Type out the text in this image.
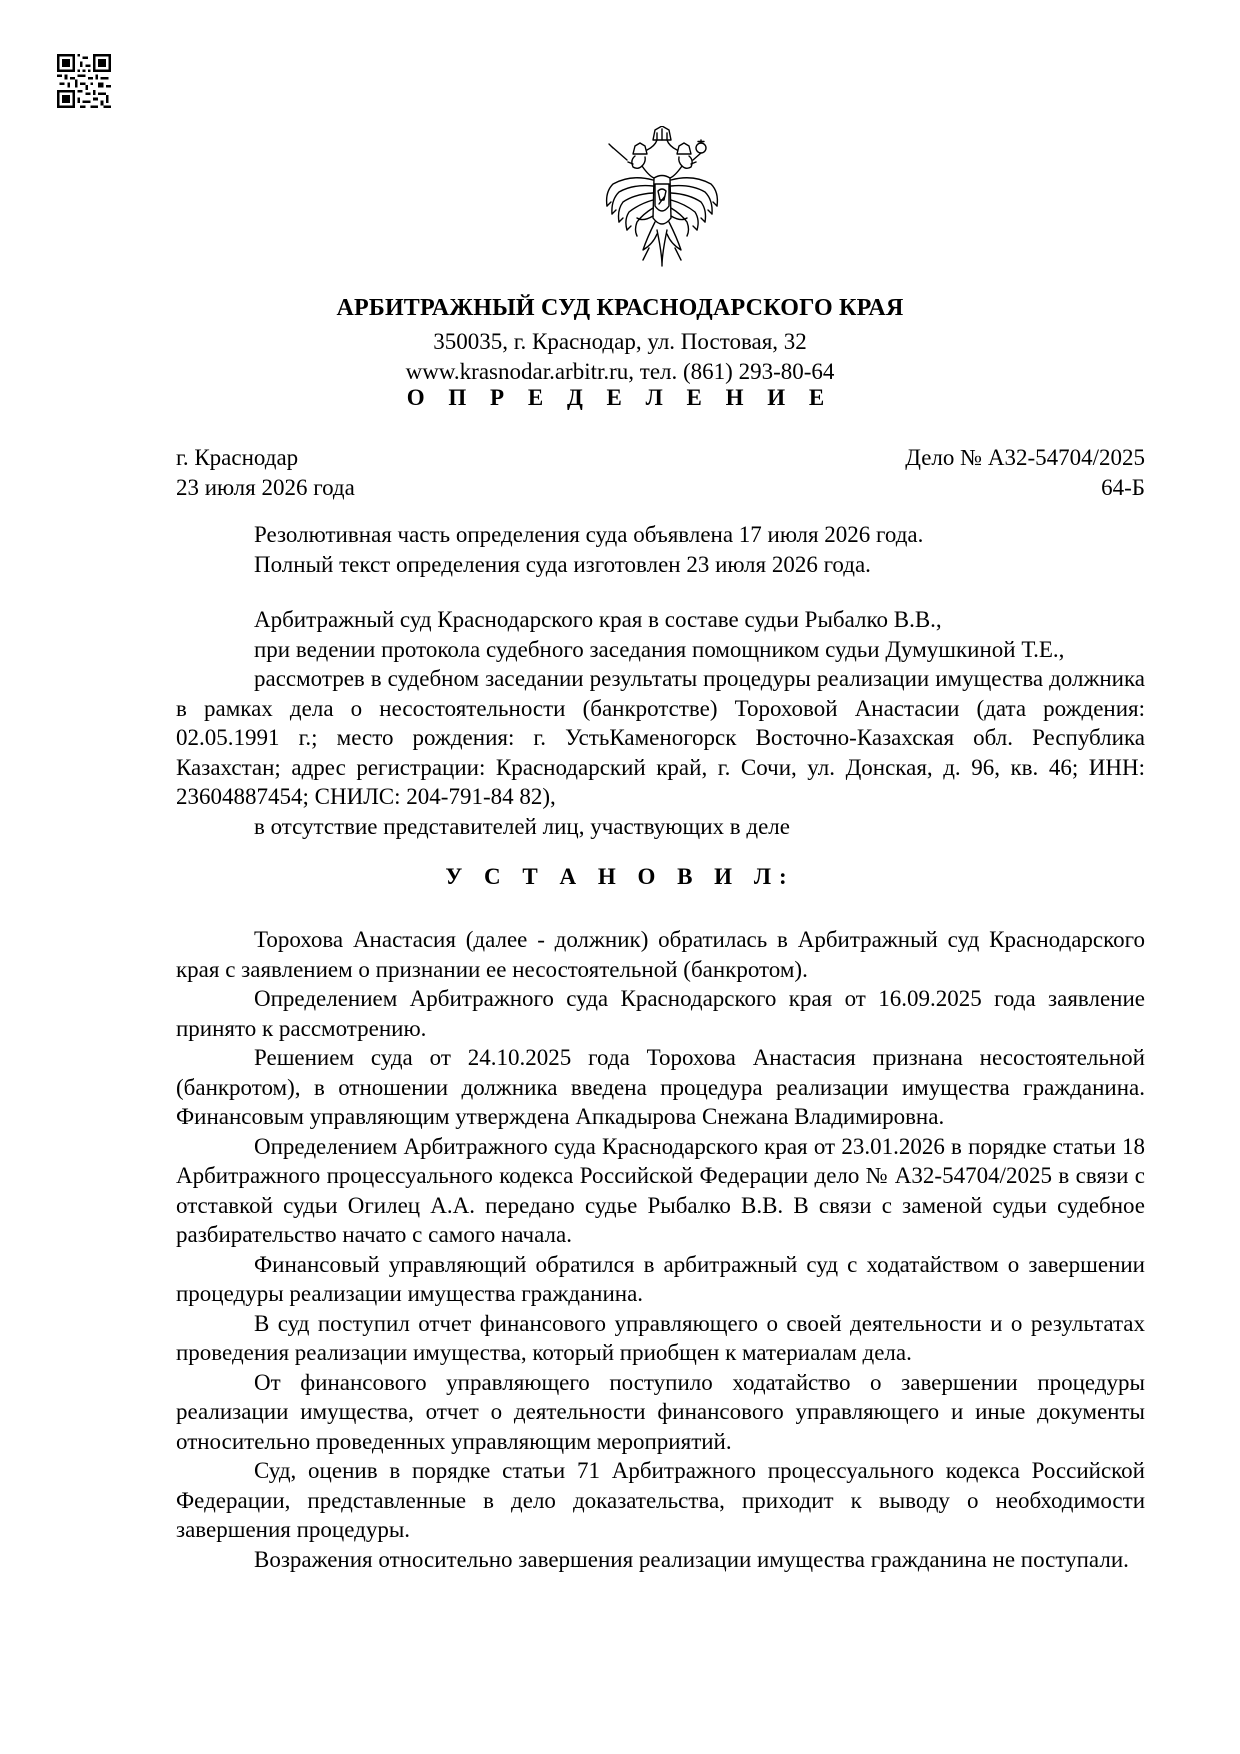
АРБИТРАЖНЫЙ СУД КРАСНОДАРСКОГО КРАЯ
350035, г. Краснодар, ул. Постовая, 32
www.krasnodar.arbitr.ru, тел. (861) 293-80-64
О П Р Е Д Е Л Е Н И Е
г. Краснодар
23 июля 2026 года
Дело № А32-54704/2025
64-Б

Резолютивная часть определения суда объявлена 17 июля 2026 года.

Полный текст определения суда изготовлен 23 июля 2026 года.

Арбитражный суд Краснодарского края в составе судьи Рыбалко В.В.,

при ведении протокола судебного заседания помощником судьи Думушкиной Т.Е.,

рассмотрев в судебном заседании результаты процедуры реализации имущества должника в рамках дела о несостоятельности (банкротстве) Тороховой Анастасии (дата рождения: 02.05.1991 г.; место рождения: г. УстьКаменогорск Восточно-Казахская обл. Республика Казахстан; адрес регистрации: Краснодарский край, г. Сочи, ул. Донская, д. 96, кв. 46; ИНН: 23604887454; СНИЛС: 204-791-84 82),

в отсутствие представителей лиц, участвующих в деле

У С Т А Н О В И Л:

Торохова Анастасия (далее - должник) обратилась в Арбитражный суд Краснодарского края с заявлением о признании ее несостоятельной (банкротом).

Определением Арбитражного суда Краснодарского края от 16.09.2025 года заявление принято к рассмотрению.

Решением суда от 24.10.2025 года Торохова Анастасия признана несостоятельной (банкротом), в отношении должника введена процедура реализации имущества гражданина. Финансовым управляющим утверждена Апкадырова Снежана Владимировна.

Определением Арбитражного суда Краснодарского края от 23.01.2026 в порядке статьи 18 Арбитражного процессуального кодекса Российской Федерации дело № А32-54704/2025 в связи с отставкой судьи Огилец А.А. передано судье Рыбалко В.В. В связи с заменой судьи судебное разбирательство начато с самого начала.

Финансовый управляющий обратился в арбитражный суд с ходатайством о завершении процедуры реализации имущества гражданина.

В суд поступил отчет финансового управляющего о своей деятельности и о результатах проведения реализации имущества, который приобщен к материалам дела.

От финансового управляющего поступило ходатайство о завершении процедуры реализации имущества, отчет о деятельности финансового управляющего и иные документы относительно проведенных управляющим мероприятий.

Суд, оценив в порядке статьи 71 Арбитражного процессуального кодекса Российской Федерации, представленные в дело доказательства, приходит к выводу о необходимости завершения процедуры.

Возражения относительно завершения реализации имущества гражданина не поступали.
